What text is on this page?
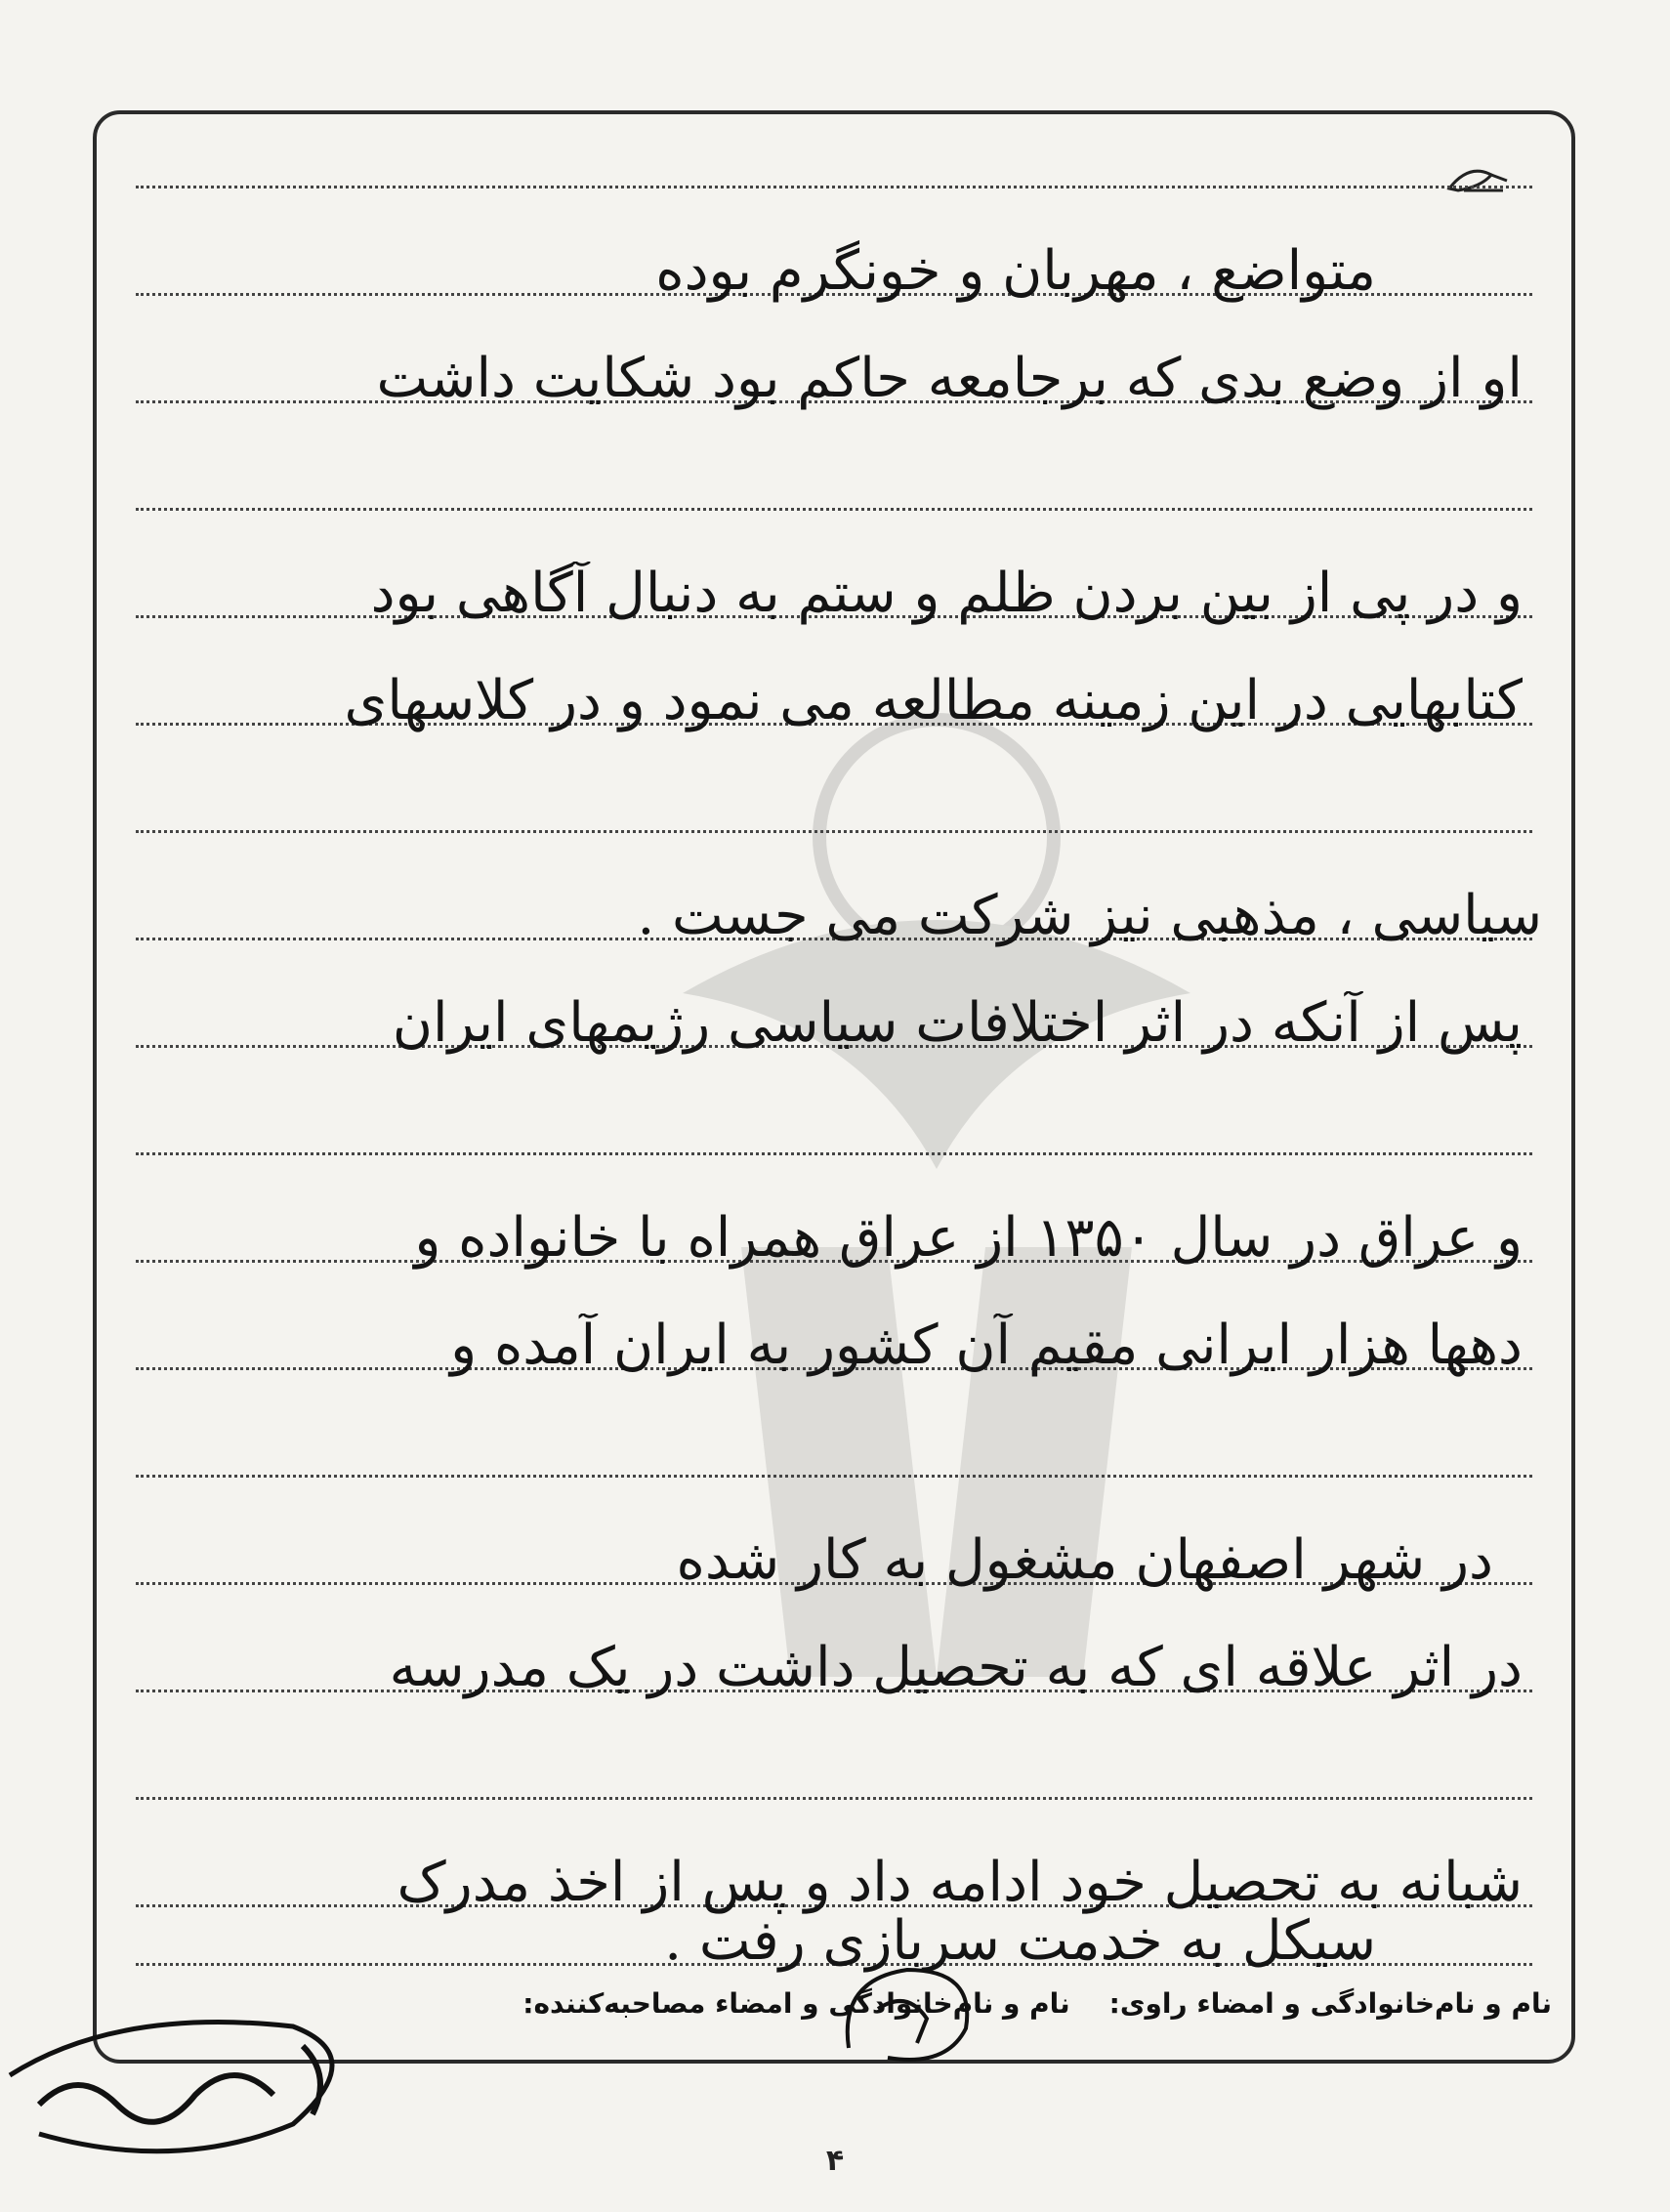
متواضع ، مهربان و خونگرم بوده
او از وضع بدی که برجامعه حاکم بود شکایت داشت
و در پی از بین بردن ظلم و ستم به دنبال آگاهی بود
کتابهایی در این زمینه مطالعه می نمود و در کلاسهای
سیاسی ، مذهبی نیز شرکت می جست .
پس از آنکه در اثر اختلافات سیاسی رژیمهای ایران
و عراق در سال ۱۳۵۰ از عراق همراه با خانواده و
دهها هزار ایرانی مقیم آن کشور به ایران آمده و
در شهر اصفهان مشغول به کار شده
در اثر علاقه ای که به تحصیل داشت در یک مدرسه
شبانه به تحصیل خود ادامه داد و پس از اخذ مدرک
سیکل به خدمت سربازی رفت .
نام و نام‌خانوادگی و امضاء راوی:
نام و نام‌خانوادگی و امضاء مصاحبه‌کننده:
۴
